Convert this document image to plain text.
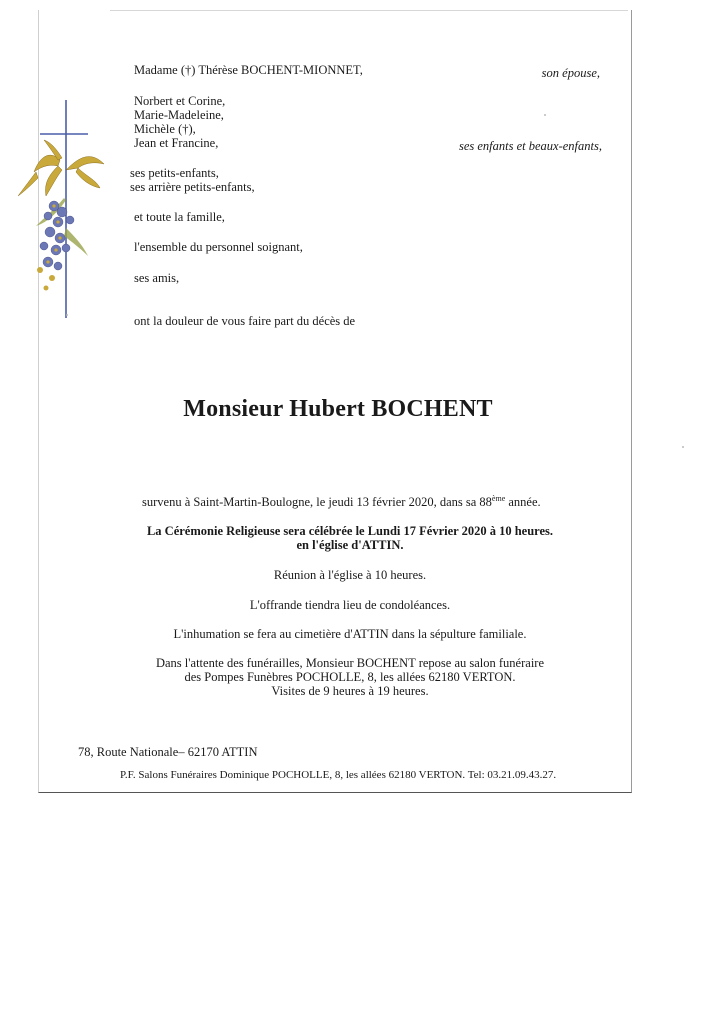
Madame (†) Thérèse BOCHENT-MIONNET,	son épouse,
Norbert et Corine,
Marie-Madeleine,
Michèle (†),
Jean et Francine,	ses enfants et beaux-enfants,
ses petits-enfants,
ses arrière petits-enfants,
et toute la famille,
l'ensemble du personnel soignant,
ses amis,
ont la douleur de vous faire part du décès de
Monsieur Hubert BOCHENT
survenu à Saint-Martin-Boulogne, le jeudi 13 février 2020, dans sa 88ème année.
La Cérémonie Religieuse sera célébrée le Lundi 17 Février 2020 à 10 heures.
en l'église d'ATTIN.
Réunion à l'église à 10 heures.
L'offrande tiendra lieu de condoléances.
L'inhumation se fera au cimetière d'ATTIN dans la sépulture familiale.
Dans l'attente des funérailles, Monsieur BOCHENT repose au salon funéraire
des Pompes Funèbres POCHOLLE, 8, les allées 62180 VERTON.
Visites de 9 heures à 19 heures.
78, Route Nationale– 62170 ATTIN
P.F. Salons Funéraires Dominique POCHOLLE, 8, les allées 62180 VERTON. Tel: 03.21.09.43.27.
